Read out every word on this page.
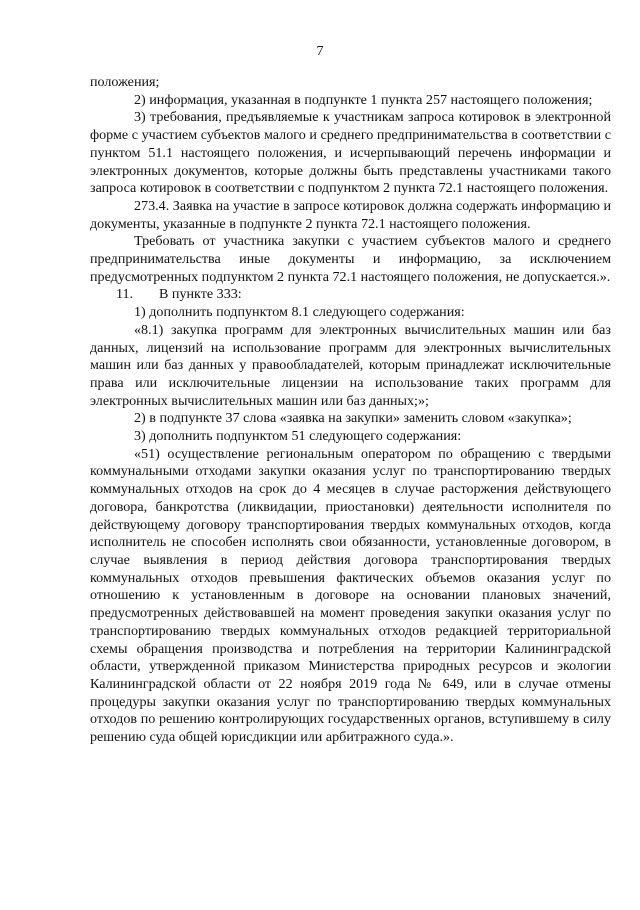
7

положения;

2) информация, указанная в подпункте 1 пункта 257 настоящего положения;

3) требования, предъявляемые к участникам запроса котировок в электронной форме с участием субъектов малого и среднего предпринимательства в соответствии с пунктом 51.1 настоящего положения, и исчерпывающий перечень информации и электронных документов, которые должны быть представлены участниками такого запроса котировок в соответствии с подпунктом 2 пункта 72.1 настоящего положения.

273.4. Заявка на участие в запросе котировок должна содержать информацию и документы, указанные в подпункте 2 пункта 72.1 настоящего положения.

Требовать от участника закупки с участием субъектов малого и среднего предпринимательства иные документы и информацию, за исключением предусмотренных подпунктом 2 пункта 72.1 настоящего положения, не допускается.».

11. В пункте 333:

1) дополнить подпунктом 8.1 следующего содержания:

«8.1) закупка программ для электронных вычислительных машин или баз данных, лицензий на использование программ для электронных вычислительных машин или баз данных у правообладателей, которым принадлежат исключительные права или исключительные лицензии на использование таких программ для электронных вычислительных машин или баз данных;»;

2) в подпункте 37 слова «заявка на закупки» заменить словом «закупка»;

3) дополнить подпунктом 51 следующего содержания:

«51) осуществление региональным оператором по обращению с твердыми коммунальными отходами закупки оказания услуг по транспортированию твердых коммунальных отходов на срок до 4 месяцев в случае расторжения действующего договора, банкротства (ликвидации, приостановки) деятельности исполнителя по действующему договору транспортирования твердых коммунальных отходов, когда исполнитель не способен исполнять свои обязанности, установленные договором, в случае выявления в период действия договора транспортирования твердых коммунальных отходов превышения фактических объемов оказания услуг по отношению к установленным в договоре на основании плановых значений, предусмотренных действовавшей на момент проведения закупки оказания услуг по транспортированию твердых коммунальных отходов редакцией территориальной схемы обращения производства и потребления на территории Калининградской области, утвержденной приказом Министерства природных ресурсов и экологии Калининградской области от 22 ноября 2019 года № 649, или в случае отмены процедуры закупки оказания услуг по транспортированию твердых коммунальных отходов по решению контролирующих государственных органов, вступившему в силу решению суда общей юрисдикции или арбитражного суда.».
